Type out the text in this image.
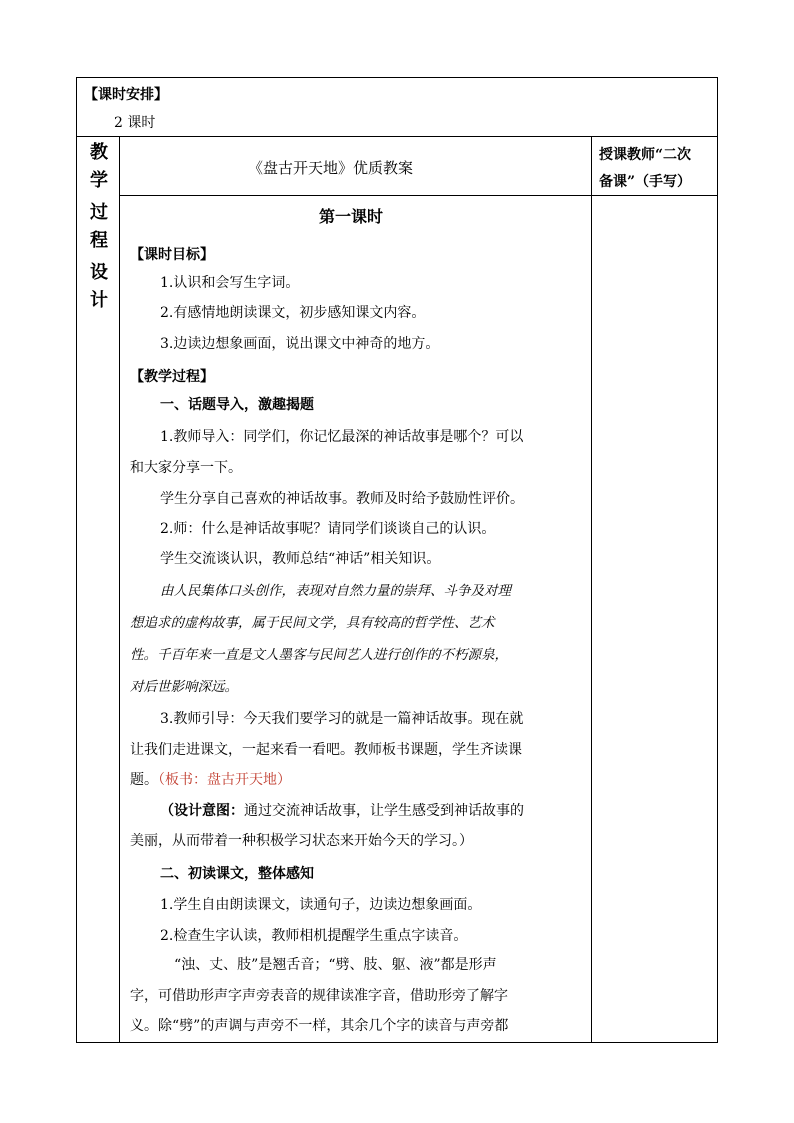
【课时安排】
2 课时
教
学
过
程
设
计
《盘古开天地》优质教案
授课教师“二次
备课”（手写）
第一课时
【课时目标】
1.认识和会写生字词。
2.有感情地朗读课文，初步感知课文内容。
3.边读边想象画面，说出课文中神奇的地方。
【教学过程】
一、话题导入，激趣揭题
1.教师导入：同学们，你记忆最深的神话故事是哪个？可以
和大家分享一下。
学生分享自己喜欢的神话故事。教师及时给予鼓励性评价。
2.师：什么是神话故事呢？请同学们谈谈自己的认识。
学生交流谈认识，教师总结“神话”相关知识。
由人民集体口头创作，表现对自然力量的崇拜、斗争及对理
想追求的虚构故事，属于民间文学，具有较高的哲学性、艺术
性。千百年来一直是文人墨客与民间艺人进行创作的不朽源泉，
对后世影响深远。
3.教师引导：今天我们要学习的就是一篇神话故事。现在就
让我们走进课文，一起来看一看吧。教师板书课题，学生齐读课
题。（板书：盘古开天地）
（设计意图：通过交流神话故事，让学生感受到神话故事的
美丽，从而带着一种积极学习状态来开始今天的学习。）
二、初读课文，整体感知
1.学生自由朗读课文，读通句子，边读边想象画面。
2.检查生字认读，教师相机提醒学生重点字读音。
“浊、丈、肢”是翘舌音；“劈、肢、躯、液”都是形声
字，可借助形声字声旁表音的规律读准字音，借助形旁了解字
义。除“劈”的声调与声旁不一样，其余几个字的读音与声旁都
